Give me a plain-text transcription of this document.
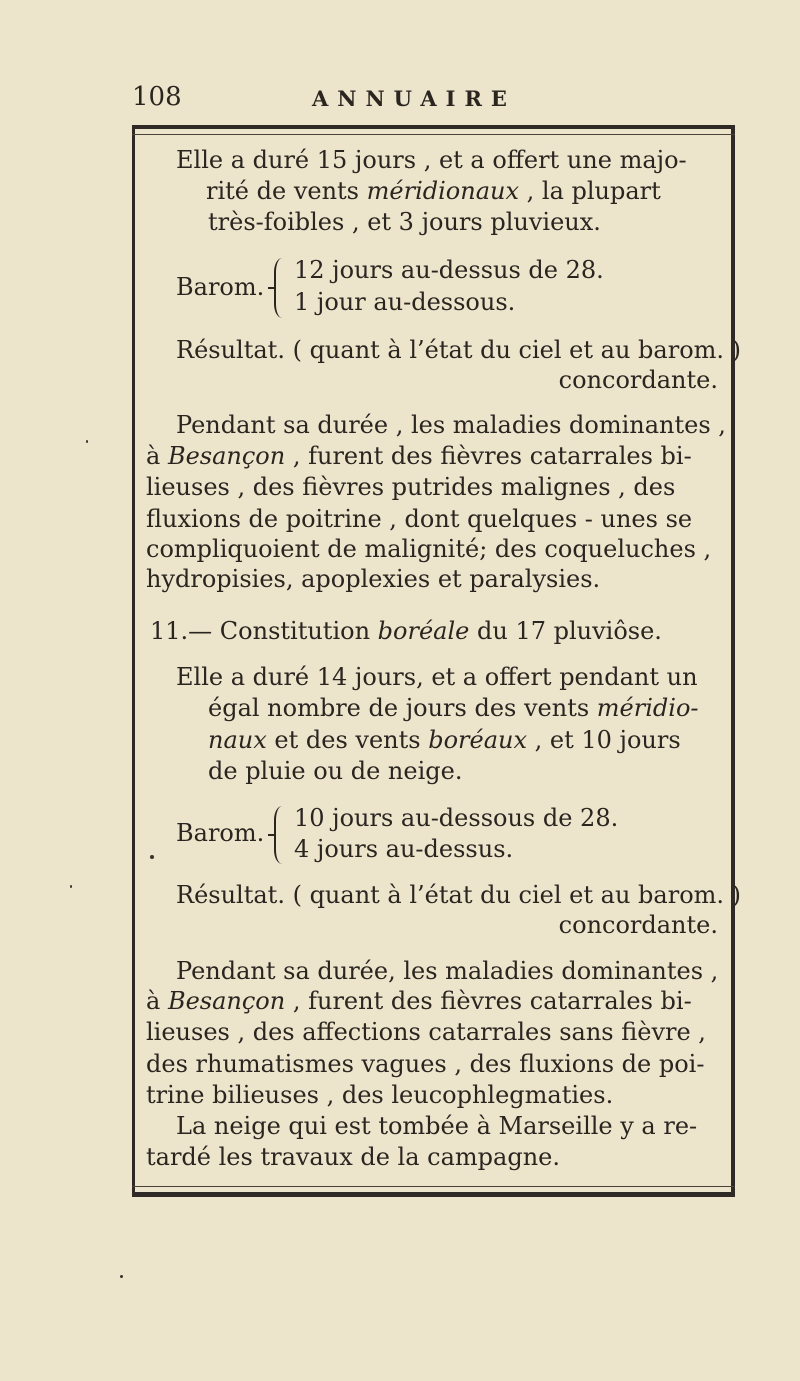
108	ANNUAIRE
Elle a duré 15 jours , et a offert une majo-
rité de vents méridionaux , la plupart
très-foibles , et 3 jours pluvieux.
Barom.
12 jours au-dessus de 28.
1 jour au-dessous.
Résultat. ( quant à l’état du ciel et au barom. )
concordante.
Pendant sa durée , les maladies dominantes ,
à Besançon , furent des fièvres catarrales bi-
lieuses , des fièvres putrides malignes , des
fluxions de poitrine , dont quelques - unes se
compliquoient de malignité; des coqueluches ,
hydropisies, apoplexies et paralysies.
11.— Constitution boréale du 17 pluviôse.
Elle a duré 14 jours, et a offert pendant un
égal nombre de jours des vents méridio-
naux et des vents boréaux , et 10 jours
de pluie ou de neige.
Barom.
10 jours au-dessous de 28.
4 jours au-dessus.
Résultat. ( quant à l’état du ciel et au barom. )
concordante.
Pendant sa durée, les maladies dominantes ,
à Besançon , furent des fièvres catarrales bi-
lieuses , des affections catarrales sans fièvre ,
des rhumatismes vagues , des fluxions de poi-
trine bilieuses , des leucophlegmaties.
La neige qui est tombée à Marseille y a re-
tardé les travaux de la campagne.
